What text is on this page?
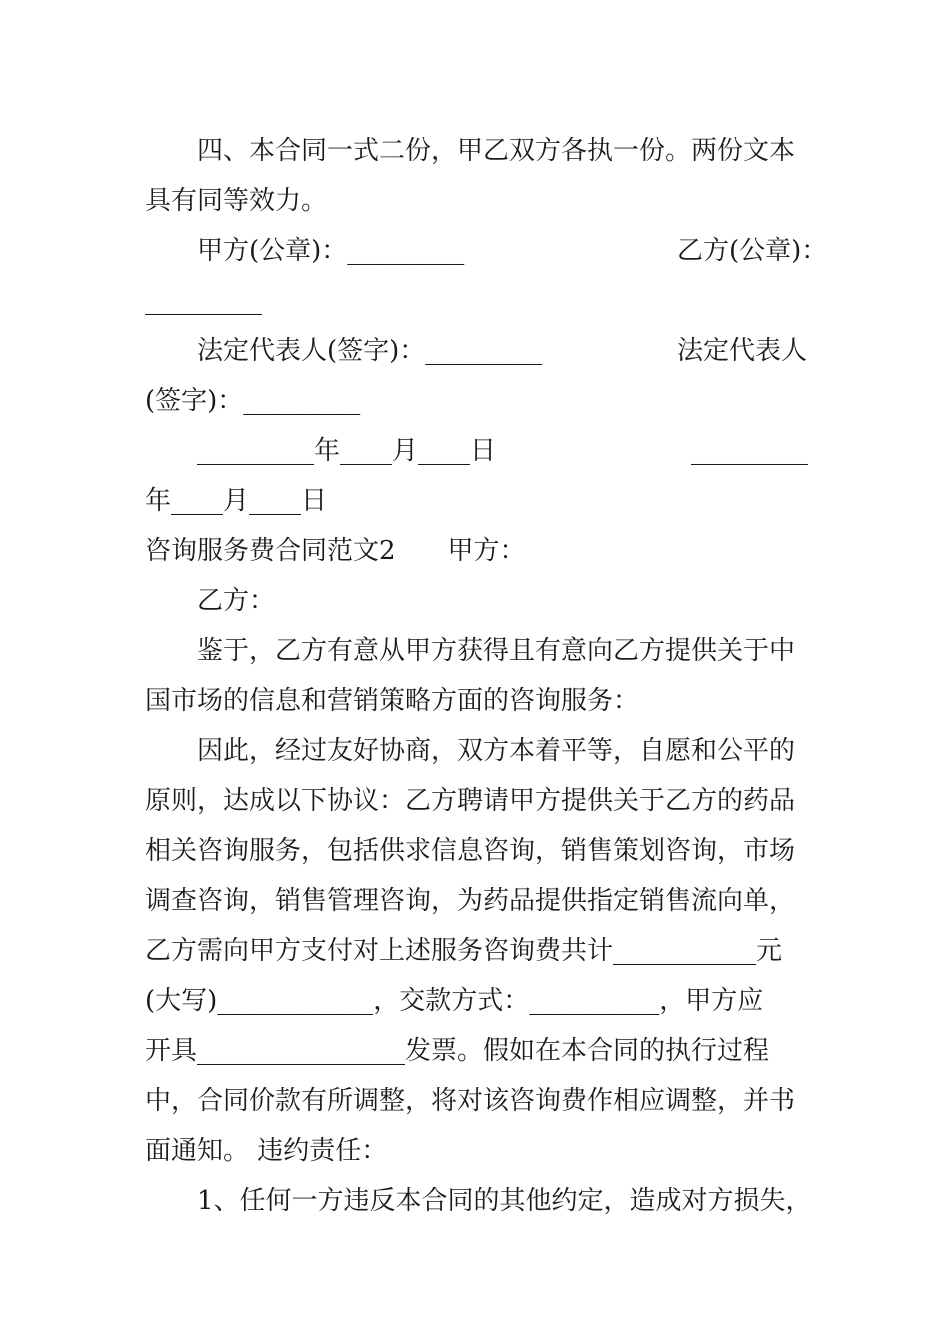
四、本合同一式二份，甲乙双方各执一份。两份文本
具有同等效力。
甲方(公章)：_________	乙方(公章)：
_________
法定代表人(签字)：_________	法定代表人
(签字)：_________
_________年____月____日	_________
年____月____日
咨询服务费合同范文2　　甲方：
乙方：
鉴于，乙方有意从甲方获得且有意向乙方提供关于中
国市场的信息和营销策略方面的咨询服务：
因此，经过友好协商，双方本着平等，自愿和公平的
原则，达成以下协议：乙方聘请甲方提供关于乙方的药品
相关咨询服务，包括供求信息咨询，销售策划咨询，市场
调查咨询，销售管理咨询，为药品提供指定销售流向单，
乙方需向甲方支付对上述服务咨询费共计___________元
(大写)____________，交款方式：__________，甲方应
开具________________发票。假如在本合同的执行过程
中，合同价款有所调整，将对该咨询费作相应调整，并书
面通知。 违约责任：
1、任何一方违反本合同的其他约定，造成对方损失，
